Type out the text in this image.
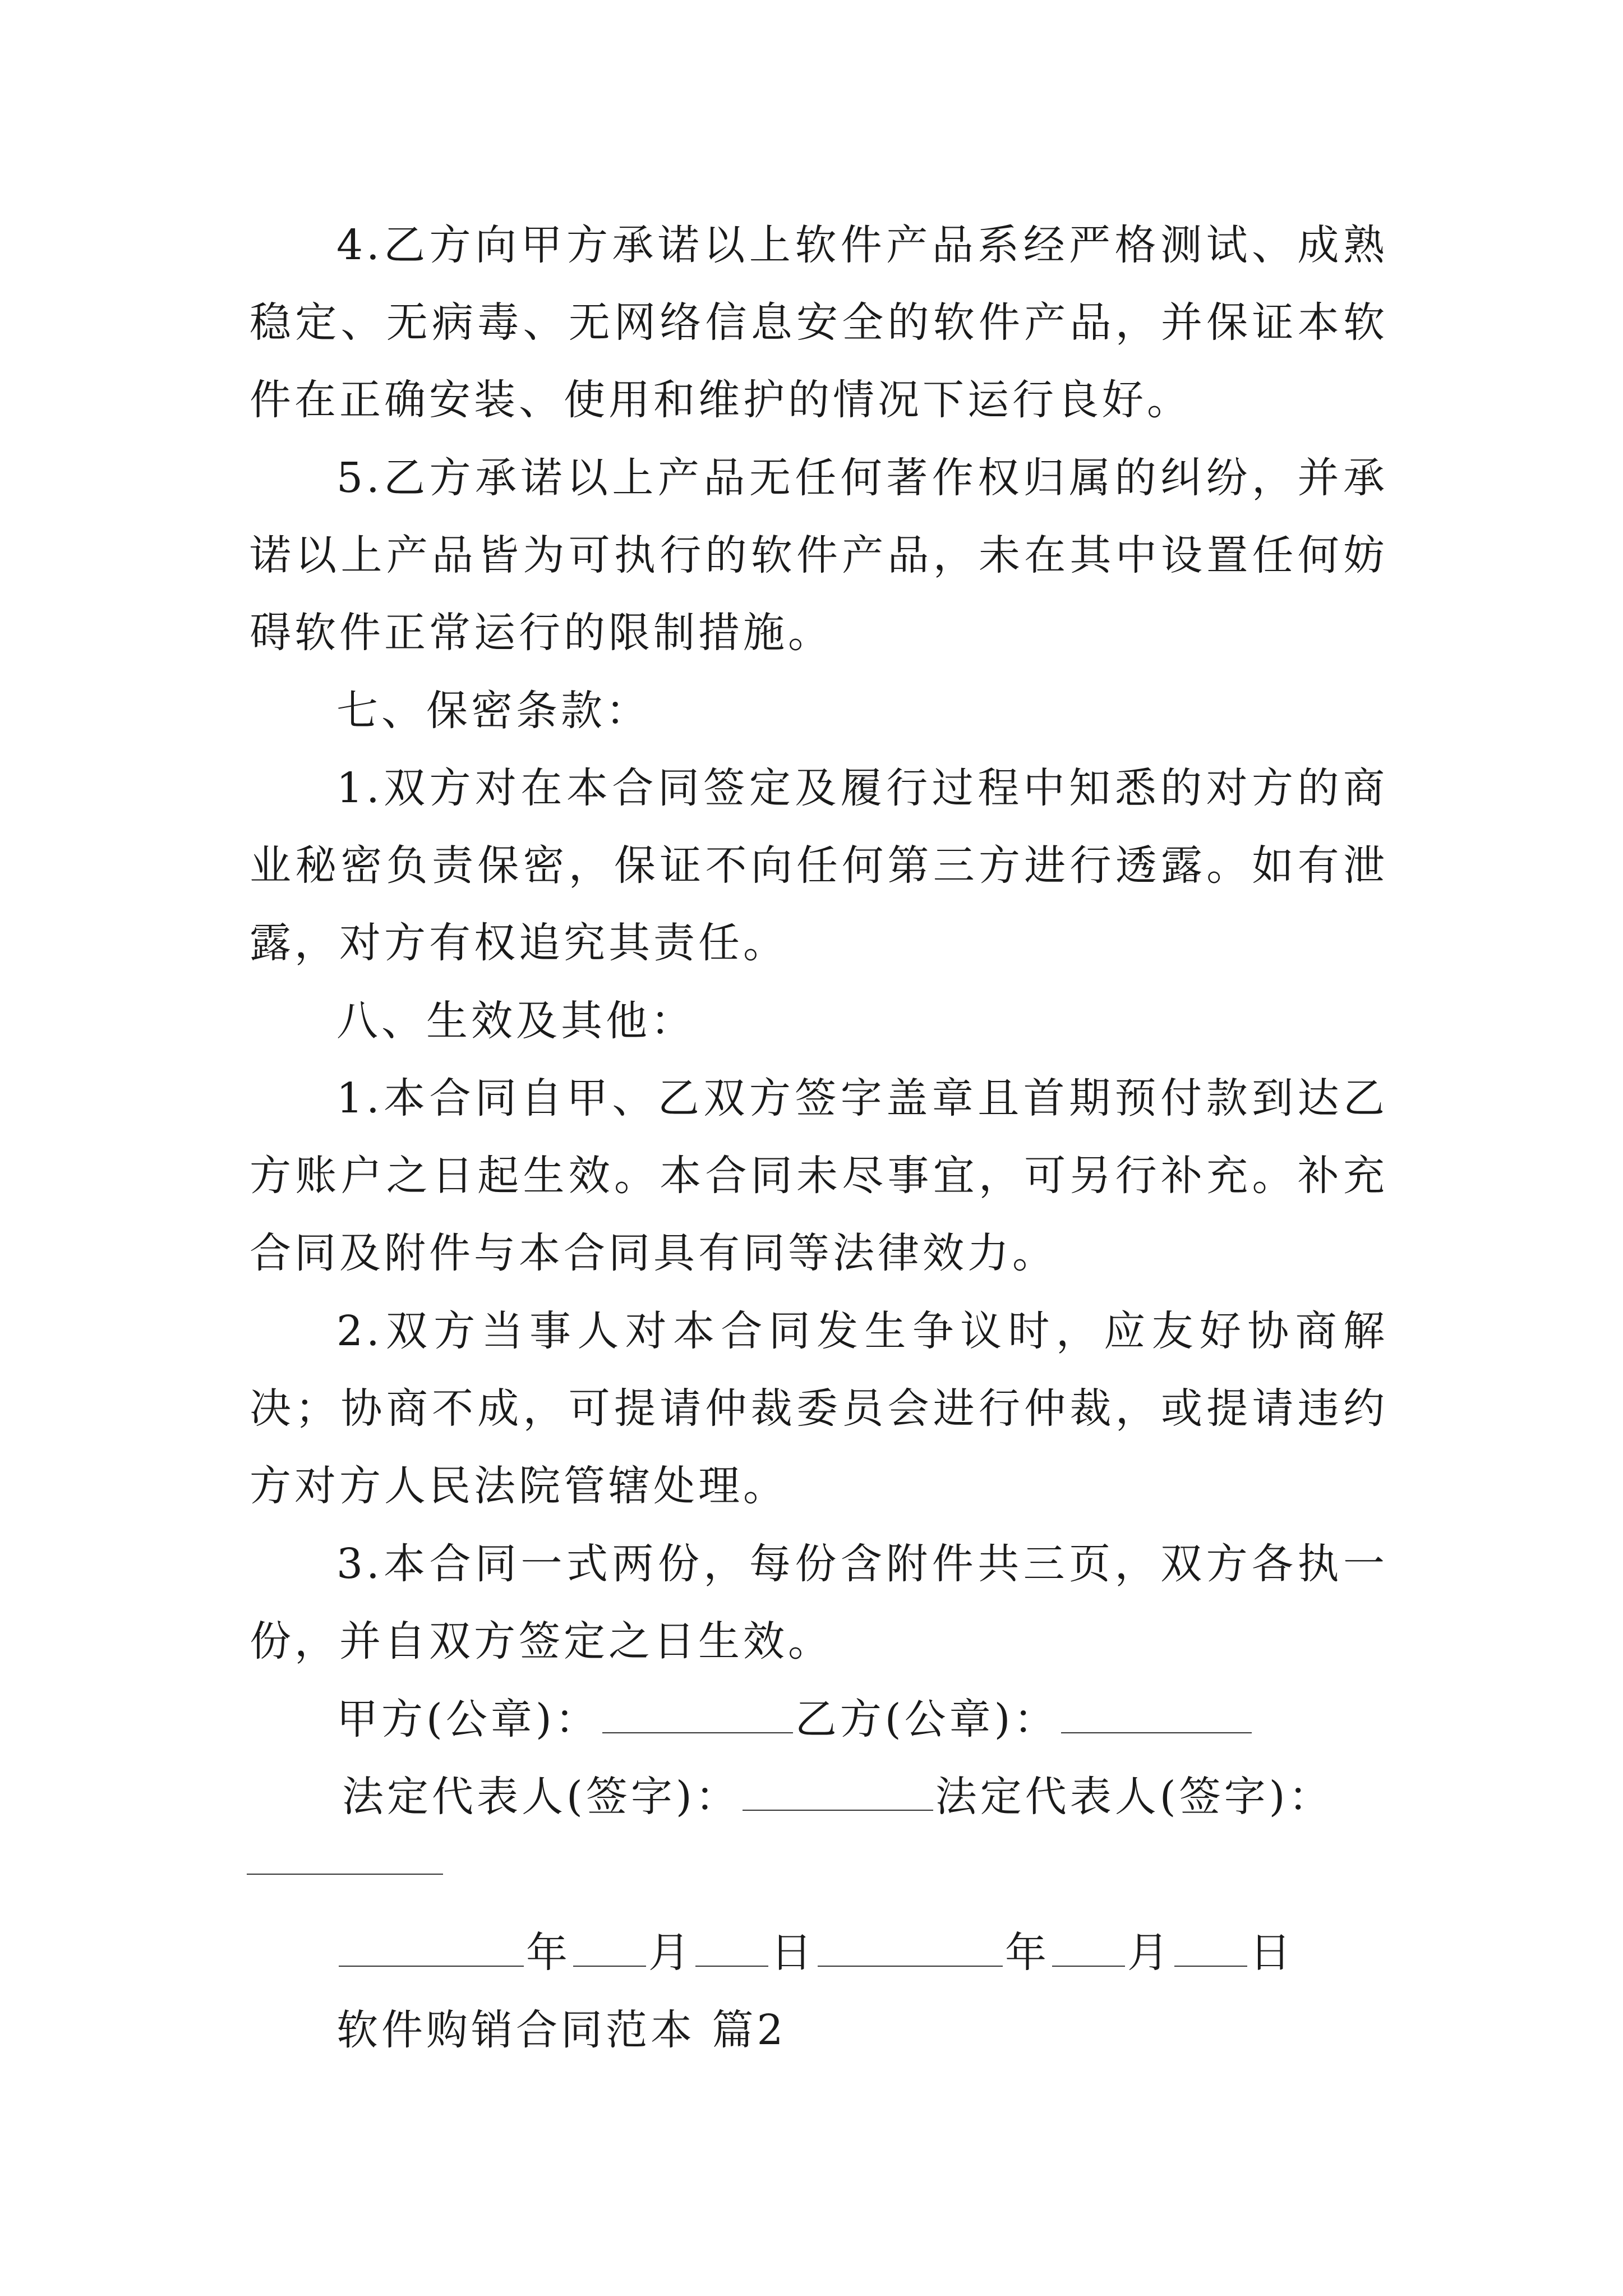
4.乙方向甲方承诺以上软件产品系经严格测试、成熟稳定、无病毒、无网络信息安全的软件产品，并保证本软件在正确安装、使用和维护的情况下运行良好。

5.乙方承诺以上产品无任何著作权归属的纠纷，并承诺以上产品皆为可执行的软件产品，未在其中设置任何妨碍软件正常运行的限制措施。

七、保密条款：

1.双方对在本合同签定及履行过程中知悉的对方的商业秘密负责保密，保证不向任何第三方进行透露。如有泄露，对方有权追究其责任。

八、生效及其他：

1.本合同自甲、乙双方签字盖章且首期预付款到达乙方账户之日起生效。本合同未尽事宜，可另行补充。补充合同及附件与本合同具有同等法律效力。

2.双方当事人对本合同发生争议时，应友好协商解决；协商不成，可提请仲裁委员会进行仲裁，或提请违约方对方人民法院管辖处理。

3.本合同一式两份，每份含附件共三页，双方各执一份，并自双方签定之日生效。

甲方(公章)：	乙方(公章)：
法定代表人(签字)：	法定代表人(签字)：
年 月 日	年 月 日

软件购销合同范本 篇2
